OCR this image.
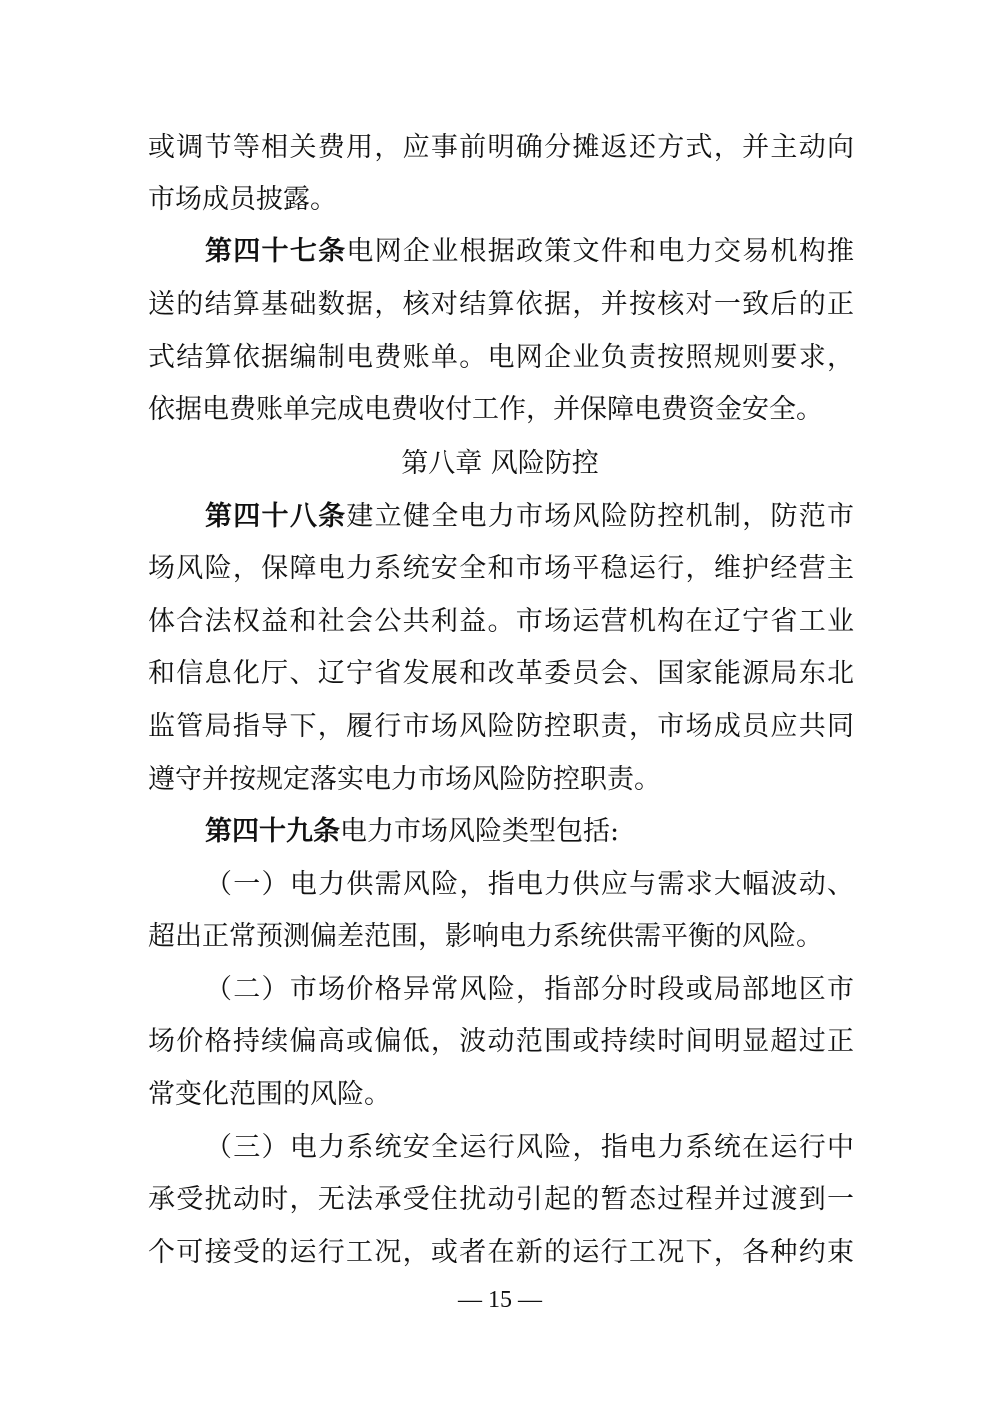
或调节等相关费用，应事前明确分摊返还方式，并主动向
市场成员披露。
第四十七条电网企业根据政策文件和电力交易机构推
送的结算基础数据，核对结算依据，并按核对一致后的正
式结算依据编制电费账单。电网企业负责按照规则要求，
依据电费账单完成电费收付工作，并保障电费资金安全。
第八章 风险防控
第四十八条建立健全电力市场风险防控机制，防范市
场风险，保障电力系统安全和市场平稳运行，维护经营主
体合法权益和社会公共利益。市场运营机构在辽宁省工业
和信息化厅、辽宁省发展和改革委员会、国家能源局东北
监管局指导下，履行市场风险防控职责，市场成员应共同
遵守并按规定落实电力市场风险防控职责。
第四十九条电力市场风险类型包括:
（一）电力供需风险，指电力供应与需求大幅波动、
超出正常预测偏差范围，影响电力系统供需平衡的风险。
（二）市场价格异常风险，指部分时段或局部地区市
场价格持续偏高或偏低，波动范围或持续时间明显超过正
常变化范围的风险。
（三）电力系统安全运行风险，指电力系统在运行中
承受扰动时，无法承受住扰动引起的暂态过程并过渡到一
个可接受的运行工况，或者在新的运行工况下，各种约束
— 15 —
